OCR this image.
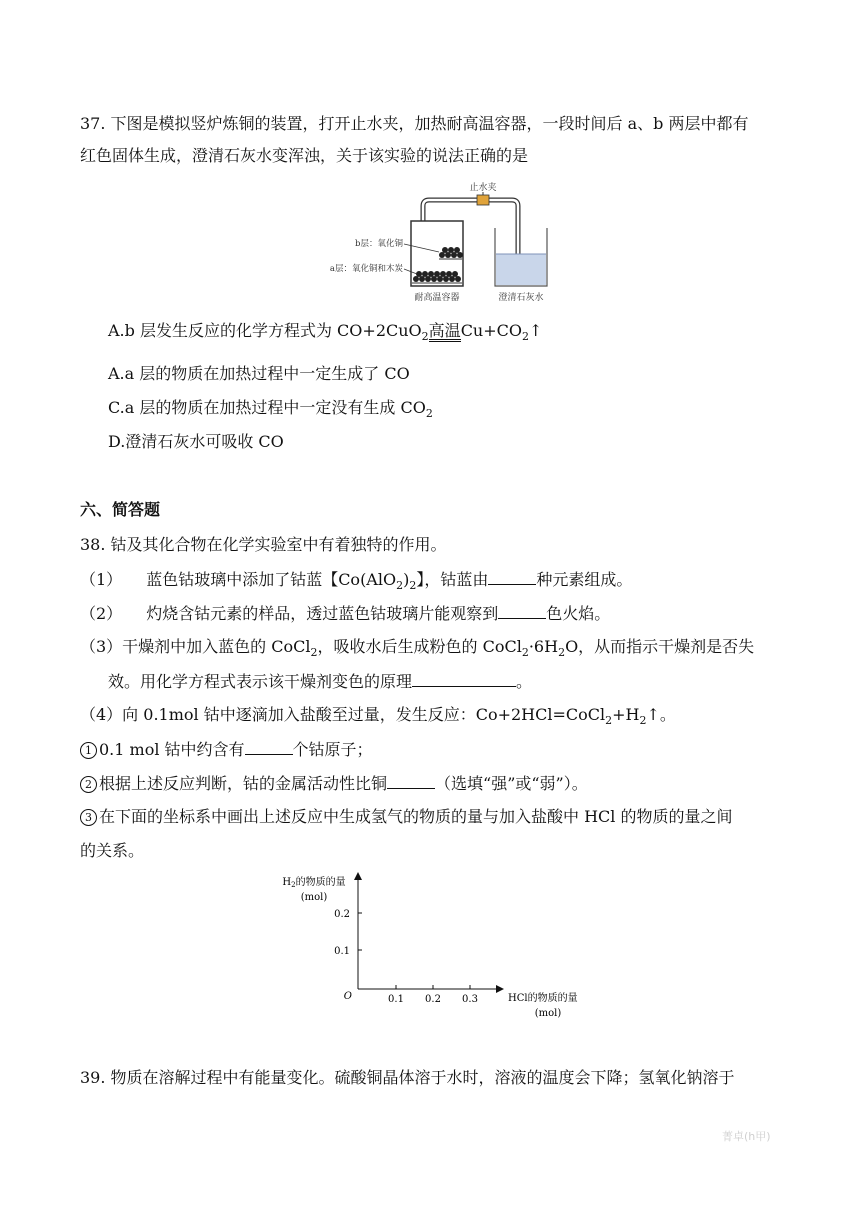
37. 下图是模拟竖炉炼铜的装置，打开止水夹，加热耐高温容器，一段时间后 a、b 两层中都有
红色固体生成，澄清石灰水变浑浊，关于该实验的说法正确的是
止水夹
b层：氧化铜
a层：氧化铜和木炭
耐高温容器	澄清石灰水
A.b 层发生反应的化学方程式为 CO+2CuO$_2$高温$Cu+CO_2↑$
A.a 层的物质在加热过程中一定生成了 CO
C.a 层的物质在加热过程中一定没有生成 $CO_2$
D.澄清石灰水可吸收 CO
六、简答题
38. 钴及其化合物在化学实验室中有着独特的作用。
（1） 蓝色钴玻璃中添加了钴蓝【$Co(AlO_2)_2$】，钴蓝由	种元素组成。
（2） 灼烧含钴元素的样品，透过蓝色钴玻璃片能观察到	色火焰。
（3）干燥剂中加入蓝色的 CoCl$_2$，吸收水后生成粉色的 $CoCl_2\cdot 6H_2O$，从而指示干燥剂是否失
效。用化学方程式表示该干燥剂变色的原理	。
（4）向 0.1mol 钴中逐滴加入盐酸至过量，发生反应：$Co+2HCl=CoCl_2+H_2↑$。
1 0.1 mol 钴中约含有	个钴原子；
2 根据上述反应判断，钴的金属活动性比铜	（选填“强”或“弱”）。
3 在下面的坐标系中画出上述反应中生成氢气的物质的量与加入盐酸中 HCl 的物质的量之间
的关系。
$H_2$的物质的量
(mol)
0.2
0.1
0.1 0.2 0.3
O	HCl的物质的量
(mol)
39. 物质在溶解过程中有能量变化。硫酸铜晶体溶于水时，溶液的温度会下降；氢氧化钠溶于
菁卓(h甲)
